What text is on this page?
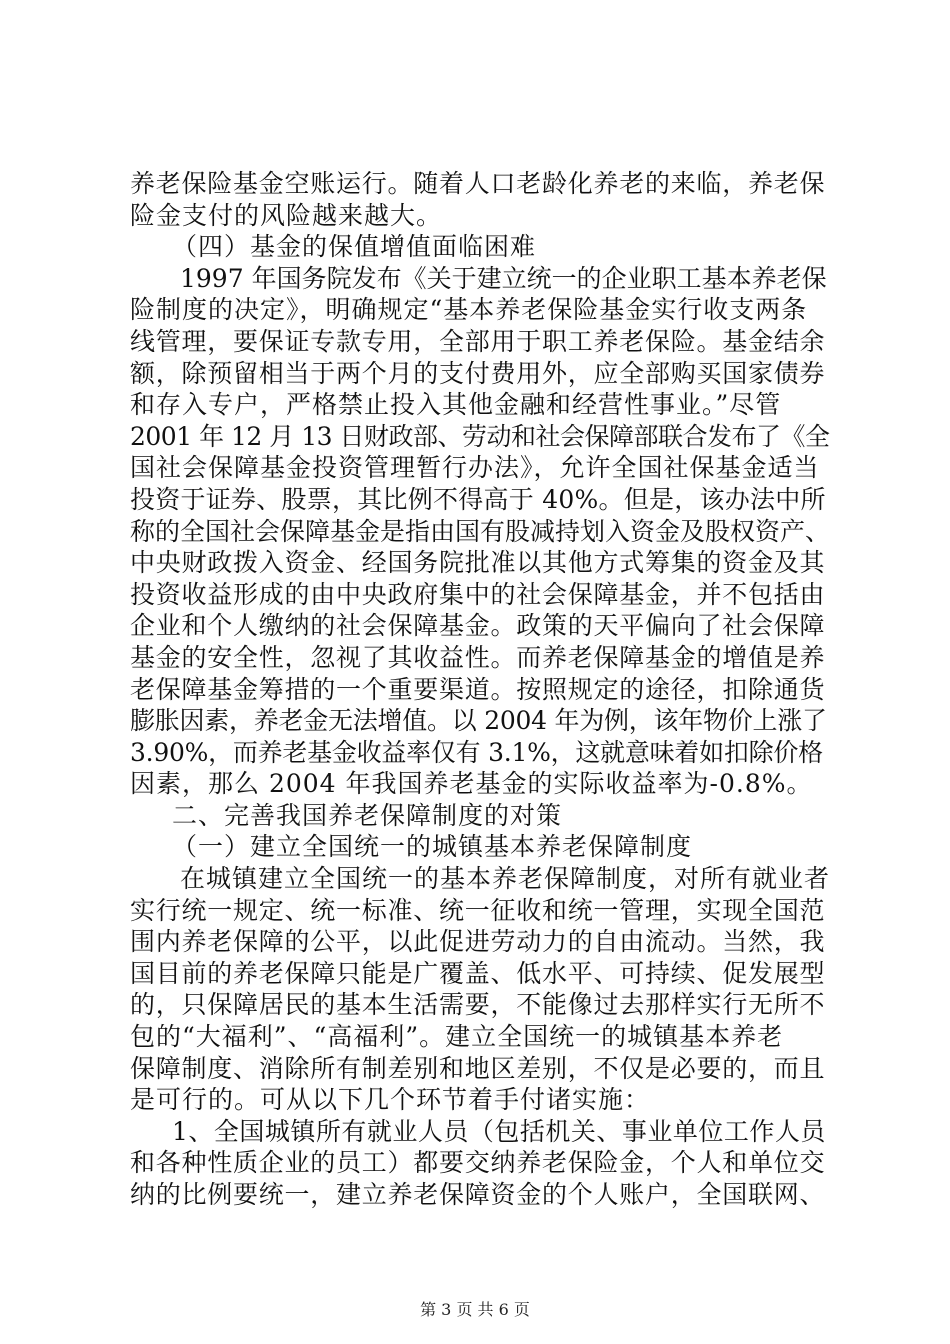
养老保险基金空账运行。随着人口老龄化养老的来临，养老保
险金支付的风险越来越大。
（四）基金的保值增值面临困难
1997 年国务院发布《关于建立统一的企业职工基本养老保
险制度的决定》，明确规定“基本养老保险基金实行收支两条
线管理，要保证专款专用，全部用于职工养老保险。基金结余
额，除预留相当于两个月的支付费用外，应全部购买国家债券
和存入专户，严格禁止投入其他金融和经营性事业。”尽管
2001 年 12 月 13 日财政部、劳动和社会保障部联合发布了《全
国社会保障基金投资管理暂行办法》，允许全国社保基金适当
投资于证券、股票，其比例不得高于 40%。但是，该办法中所
称的全国社会保障基金是指由国有股减持划入资金及股权资产、
中央财政拨入资金、经国务院批准以其他方式筹集的资金及其
投资收益形成的由中央政府集中的社会保障基金，并不包括由
企业和个人缴纳的社会保障基金。政策的天平偏向了社会保障
基金的安全性，忽视了其收益性。而养老保障基金的增值是养
老保障基金筹措的一个重要渠道。按照规定的途径，扣除通货
膨胀因素，养老金无法增值。以 2004 年为例，该年物价上涨了
3.90%，而养老基金收益率仅有 3.1%，这就意味着如扣除价格
因素，那么 2004 年我国养老基金的实际收益率为-0.8%。
二、完善我国养老保障制度的对策
（一）建立全国统一的城镇基本养老保障制度
在城镇建立全国统一的基本养老保障制度，对所有就业者
实行统一规定、统一标准、统一征收和统一管理，实现全国范
围内养老保障的公平，以此促进劳动力的自由流动。当然，我
国目前的养老保障只能是广覆盖、低水平、可持续、促发展型
的，只保障居民的基本生活需要，不能像过去那样实行无所不
包的“大福利”、“高福利”。建立全国统一的城镇基本养老
保障制度、消除所有制差别和地区差别，不仅是必要的，而且
是可行的。可从以下几个环节着手付诸实施：
1、全国城镇所有就业人员（包括机关、事业单位工作人员
和各种性质企业的员工）都要交纳养老保险金，个人和单位交
纳的比例要统一，建立养老保障资金的个人账户，全国联网、
第 3 页 共 6 页
